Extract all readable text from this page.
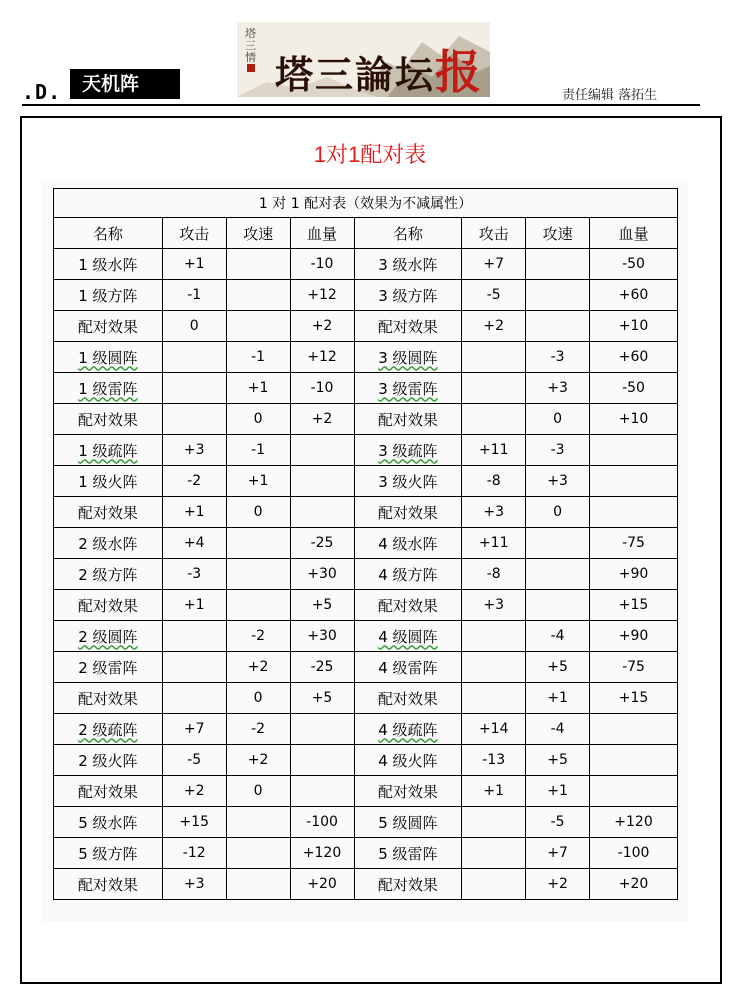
.D.	天机阵
塔三情 塔三論坛报	责任编辑 落拓生
1对1配对表
1 对 1 配对表（效果为不减属性）							
名称	攻击	攻速	血量	名称	攻击	攻速	血量
1 级水阵	+1		-10	3 级水阵	+7		-50
1 级方阵	-1		+12	3 级方阵	-5		+60
配对效果	0		+2	配对效果	+2		+10
1 级圆阵		-1	+12	3 级圆阵		-3	+60
1 级雷阵		+1	-10	3 级雷阵		+3	-50
配对效果		0	+2	配对效果		0	+10
1 级疏阵	+3	-1		3 级疏阵	+11	-3	
1 级火阵	-2	+1		3 级火阵	-8	+3	
配对效果	+1	0		配对效果	+3	0	
2 级水阵	+4		-25	4 级水阵	+11		-75
2 级方阵	-3		+30	4 级方阵	-8		+90
配对效果	+1		+5	配对效果	+3		+15
2 级圆阵		-2	+30	4 级圆阵		-4	+90
2 级雷阵		+2	-25	4 级雷阵		+5	-75
配对效果		0	+5	配对效果		+1	+15
2 级疏阵	+7	-2		4 级疏阵	+14	-4	
2 级火阵	-5	+2		4 级火阵	-13	+5	
配对效果	+2	0		配对效果	+1	+1	
5 级水阵	+15		-100	5 级圆阵		-5	+120
5 级方阵	-12		+120	5 级雷阵		+7	-100
配对效果	+3		+20	配对效果		+2	+20
